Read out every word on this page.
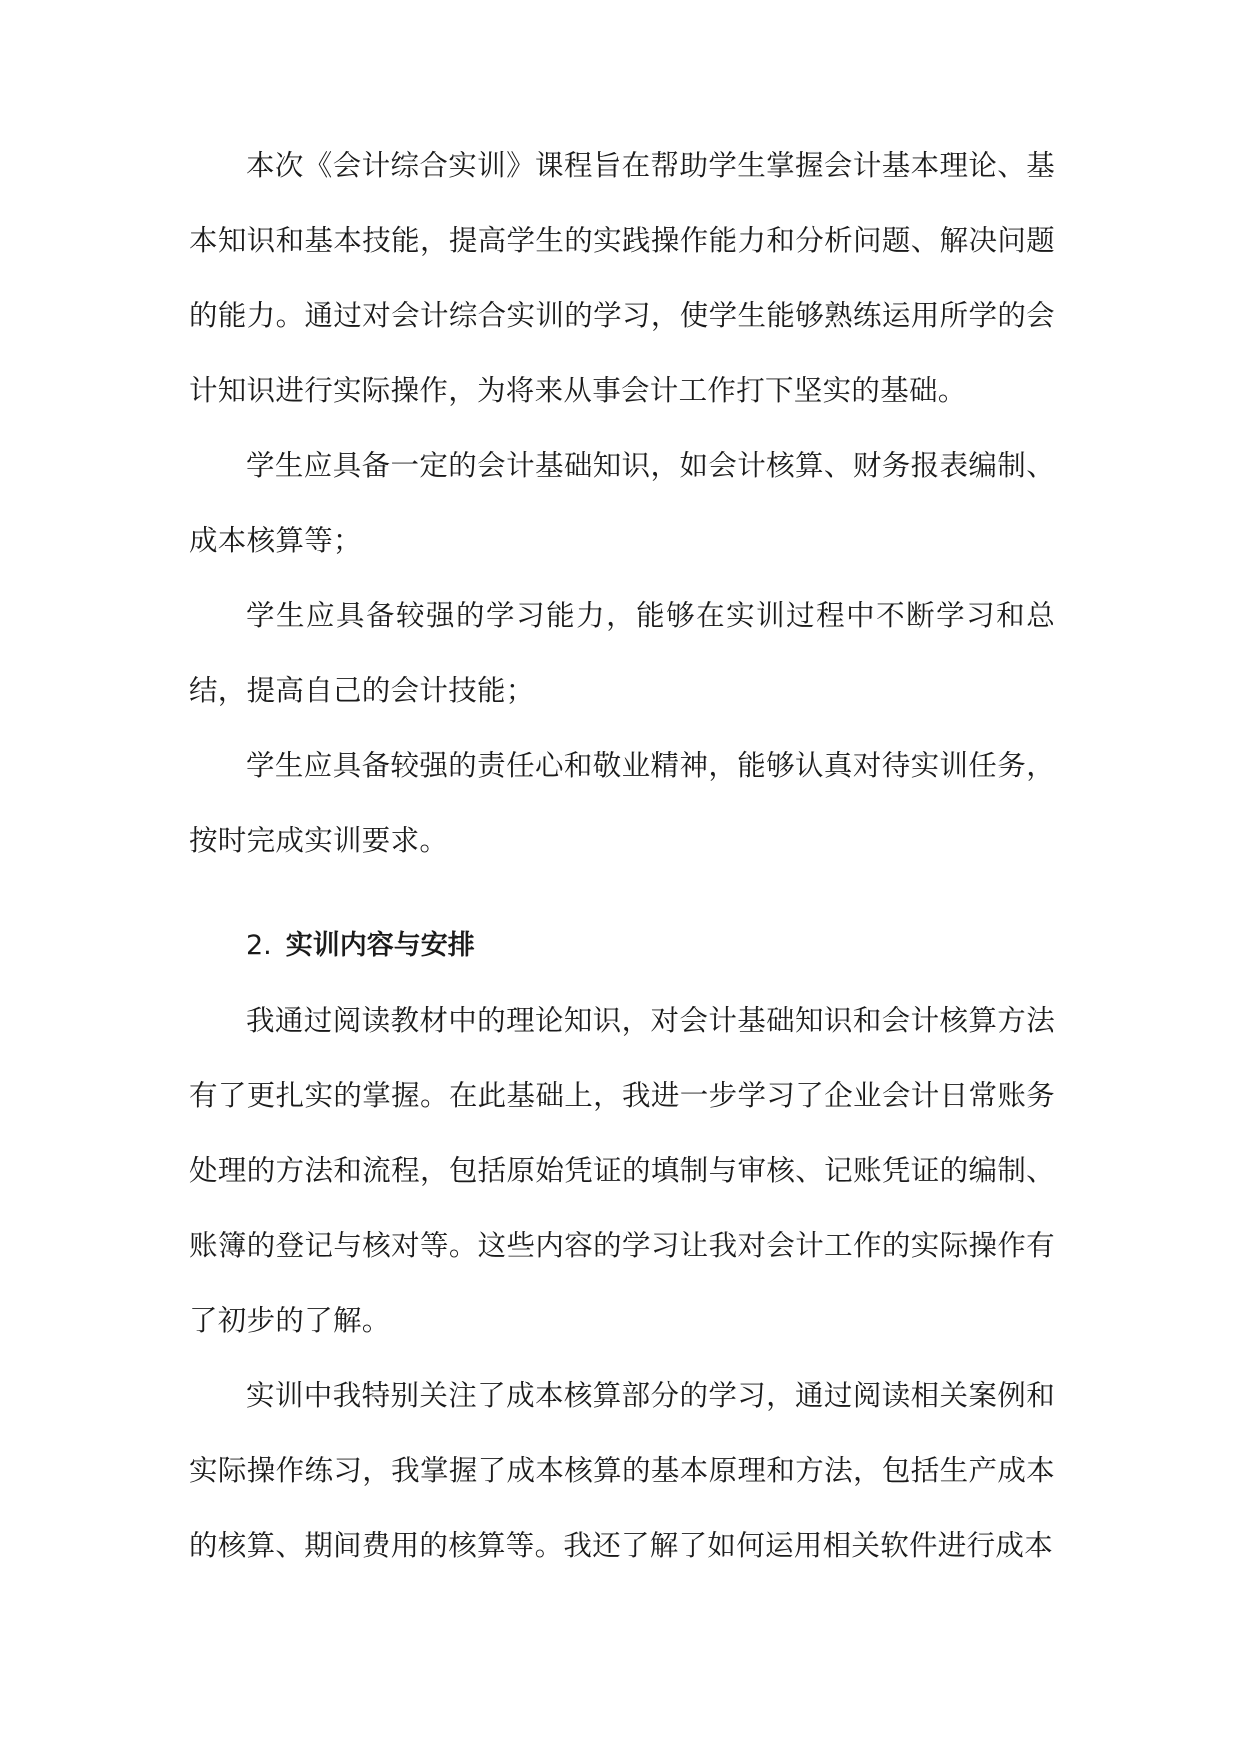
本次《会计综合实训》课程旨在帮助学生掌握会计基本理论、基本知识和基本技能，提高学生的实践操作能力和分析问题、解决问题的能力。通过对会计综合实训的学习，使学生能够熟练运用所学的会计知识进行实际操作，为将来从事会计工作打下坚实的基础。

学生应具备一定的会计基础知识，如会计核算、财务报表编制、成本核算等；

学生应具备较强的学习能力，能够在实训过程中不断学习和总结，提高自己的会计技能；

学生应具备较强的责任心和敬业精神，能够认真对待实训任务，按时完成实训要求。

2. 实训内容与安排

我通过阅读教材中的理论知识，对会计基础知识和会计核算方法有了更扎实的掌握。在此基础上，我进一步学习了企业会计日常账务处理的方法和流程，包括原始凭证的填制与审核、记账凭证的编制、账簿的登记与核对等。这些内容的学习让我对会计工作的实际操作有了初步的了解。

实训中我特别关注了成本核算部分的学习，通过阅读相关案例和实际操作练习，我掌握了成本核算的基本原理和方法，包括生产成本的核算、期间费用的核算等。我还了解了如何运用相关软件进行成本
